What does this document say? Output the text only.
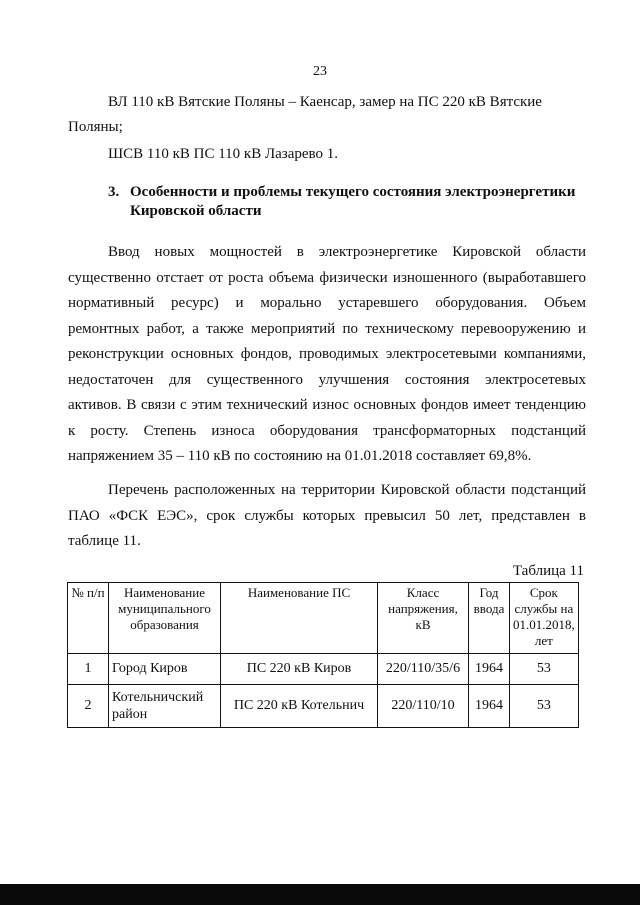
23
ВЛ 110 кВ Вятские Поляны – Каенсар, замер на ПС 220 кВ Вятские
Поляны;
ШСВ 110 кВ ПС 110 кВ Лазарево 1.
3. Особенности и проблемы текущего состояния электроэнергетики Кировской области
Ввод новых мощностей в электроэнергетике Кировской области
существенно отстает от роста объема физически изношенного (выработавшего
нормативный ресурс) и морально устаревшего оборудования. Объем
ремонтных работ, а также мероприятий по техническому перевооружению и
реконструкции основных фондов, проводимых электросетевыми компаниями,
недостаточен для существенного улучшения состояния электросетевых
активов. В связи с этим технический износ основных фондов имеет тенденцию
к росту. Степень износа оборудования трансформаторных подстанций
напряжением 35 – 110 кВ по состоянию на 01.01.2018 составляет 69,8%.
Перечень расположенных на территории Кировской области подстанций
ПАО «ФСК ЕЭС», срок службы которых превысил 50 лет, представлен в
таблице 11.
Таблица 11
№ п/п	Наименование муниципального образования	Наименование ПС	Класс напряжения, кВ	Год ввода	Срок службы на 01.01.2018, лет
1	Город Киров	ПС 220 кВ Киров	220/110/35/6	1964	53
2	Котельничский район	ПС 220 кВ Котельнич	220/110/10	1964	53
